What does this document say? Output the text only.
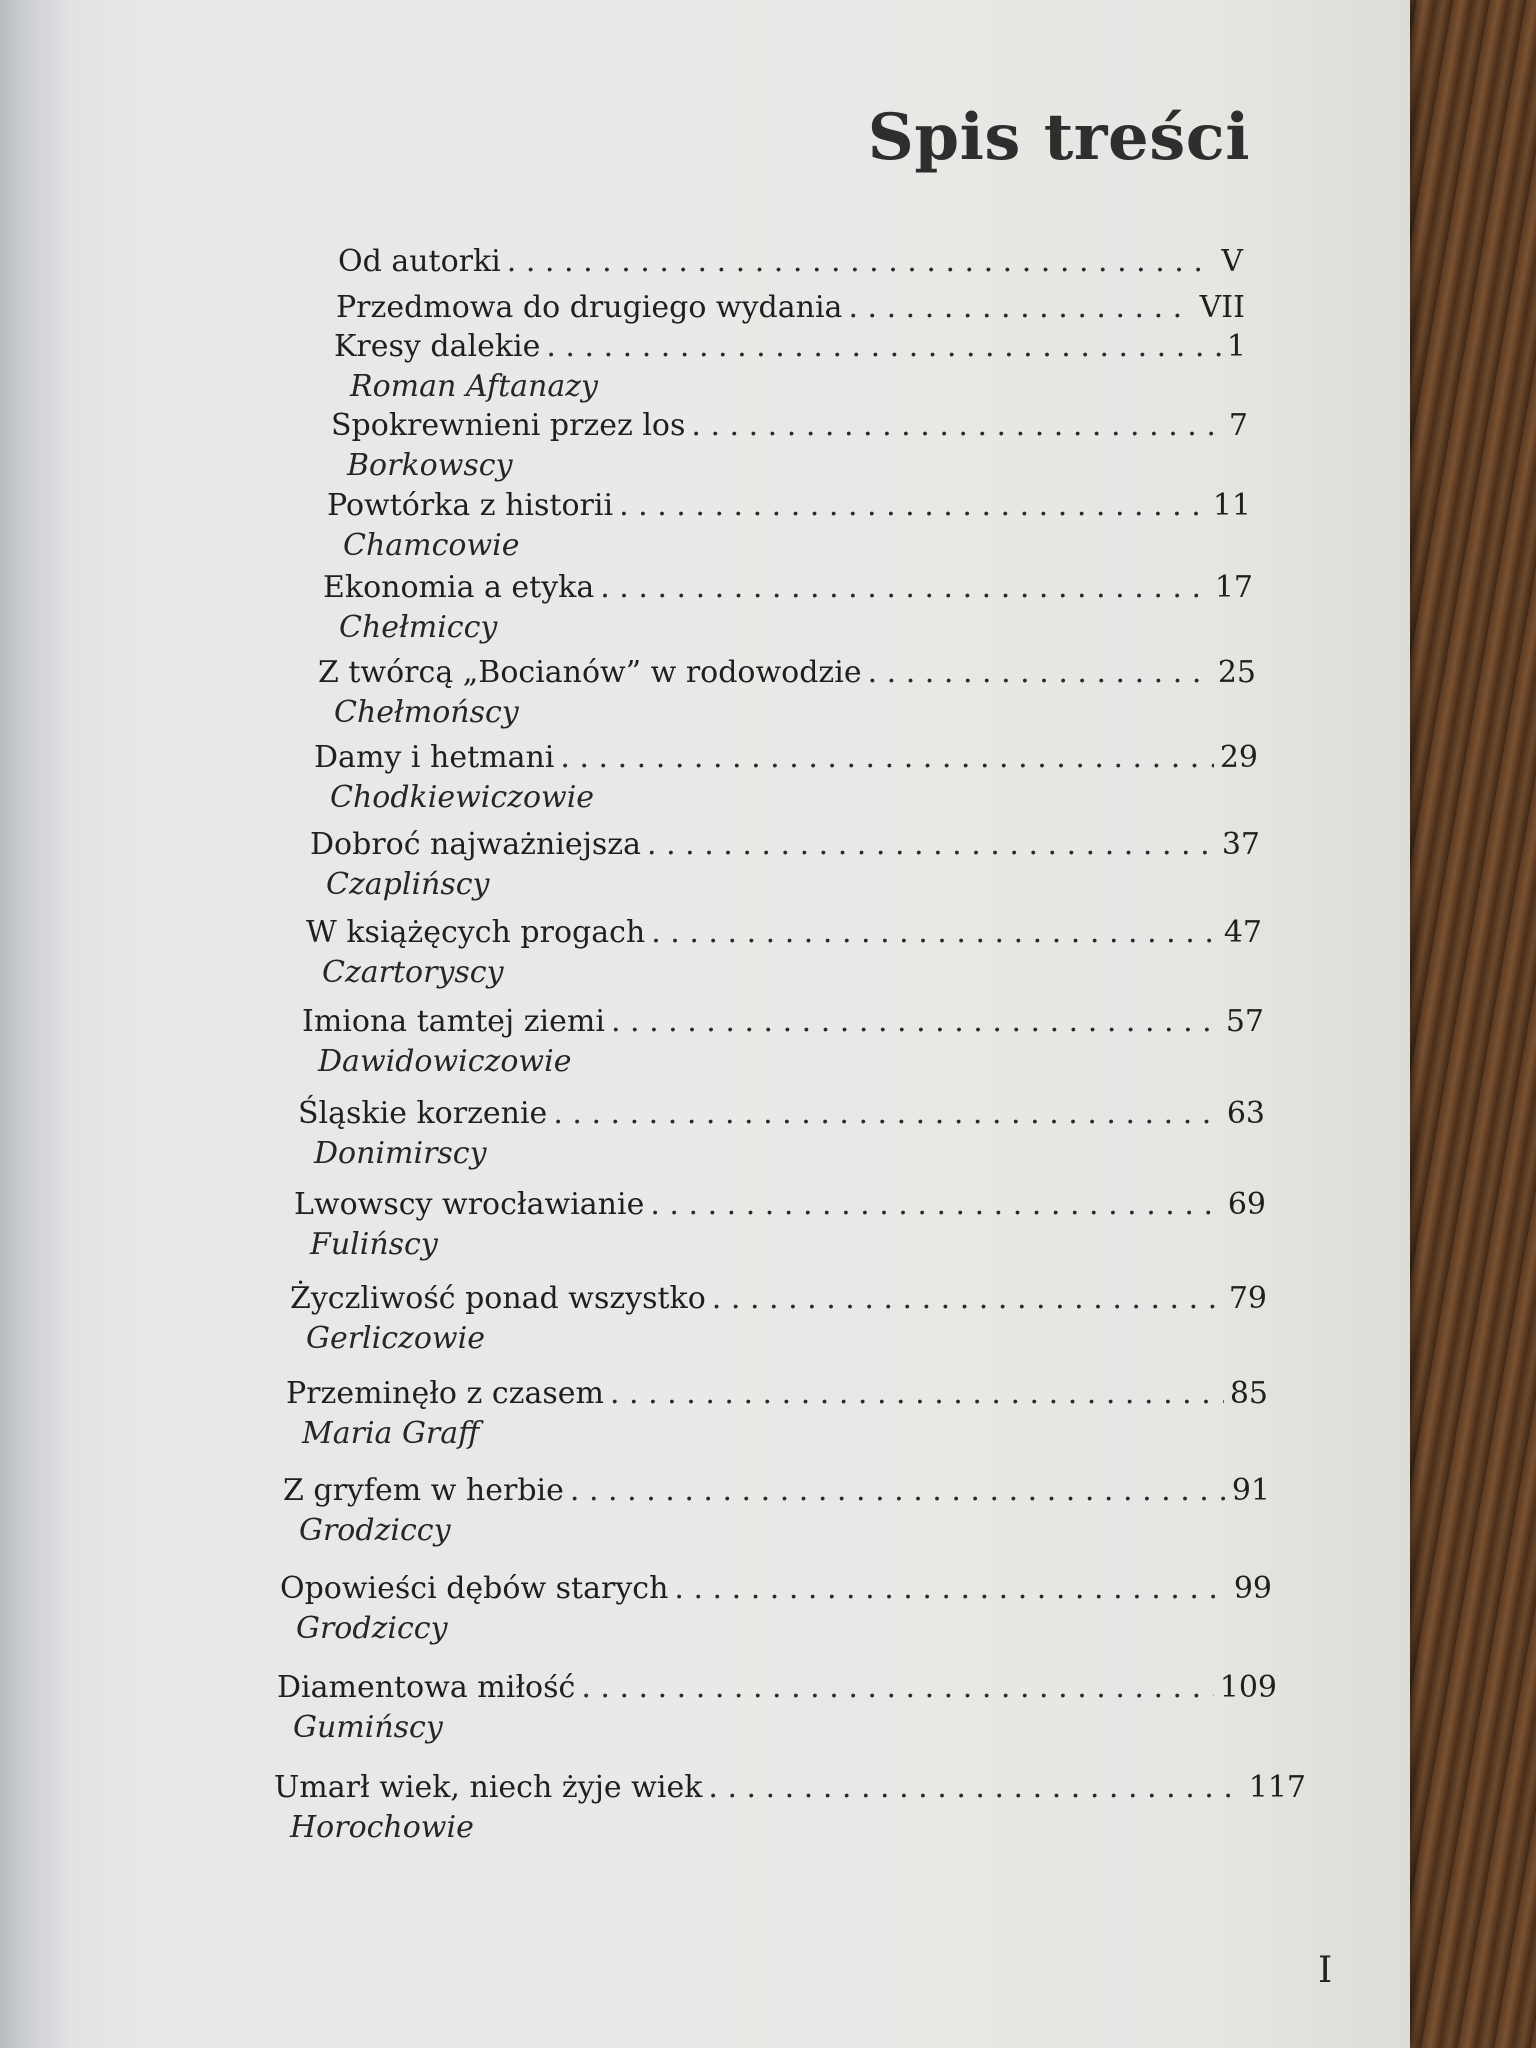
Spis treści
Od autorki . . .	V
Przedmowa do drugiego wydania . . .	VII
Kresy dalekie . . .	1
Roman Aftanazy
Spokrewnieni przez los . . .	7
Borkowscy
Powtórka z historii . . .	11
Chamcowie
Ekonomia a etyka . . .	17
Chełmiccy
Z twórcą „Bocianów” w rodowodzie . . .	25
Chełmońscy
Damy i hetmani . . .	29
Chodkiewiczowie
Dobroć najważniejsza . . .	37
Czaplińscy
W książęcych progach . . .	47
Czartoryscy
Imiona tamtej ziemi . . .	57
Dawidowiczowie
Śląskie korzenie . . .	63
Donimirscy
Lwowscy wrocławianie . . .	69
Fulińscy
Życzliwość ponad wszystko . . .	79
Gerliczowie
Przeminęło z czasem . . .	85
Maria Graff
Z gryfem w herbie . . .	91
Grodziccy
Opowieści dębów starych . . .	99
Grodziccy
Diamentowa miłość . . .	109
Gumińscy
Umarł wiek, niech żyje wiek . . .	117
Horochowie
I
